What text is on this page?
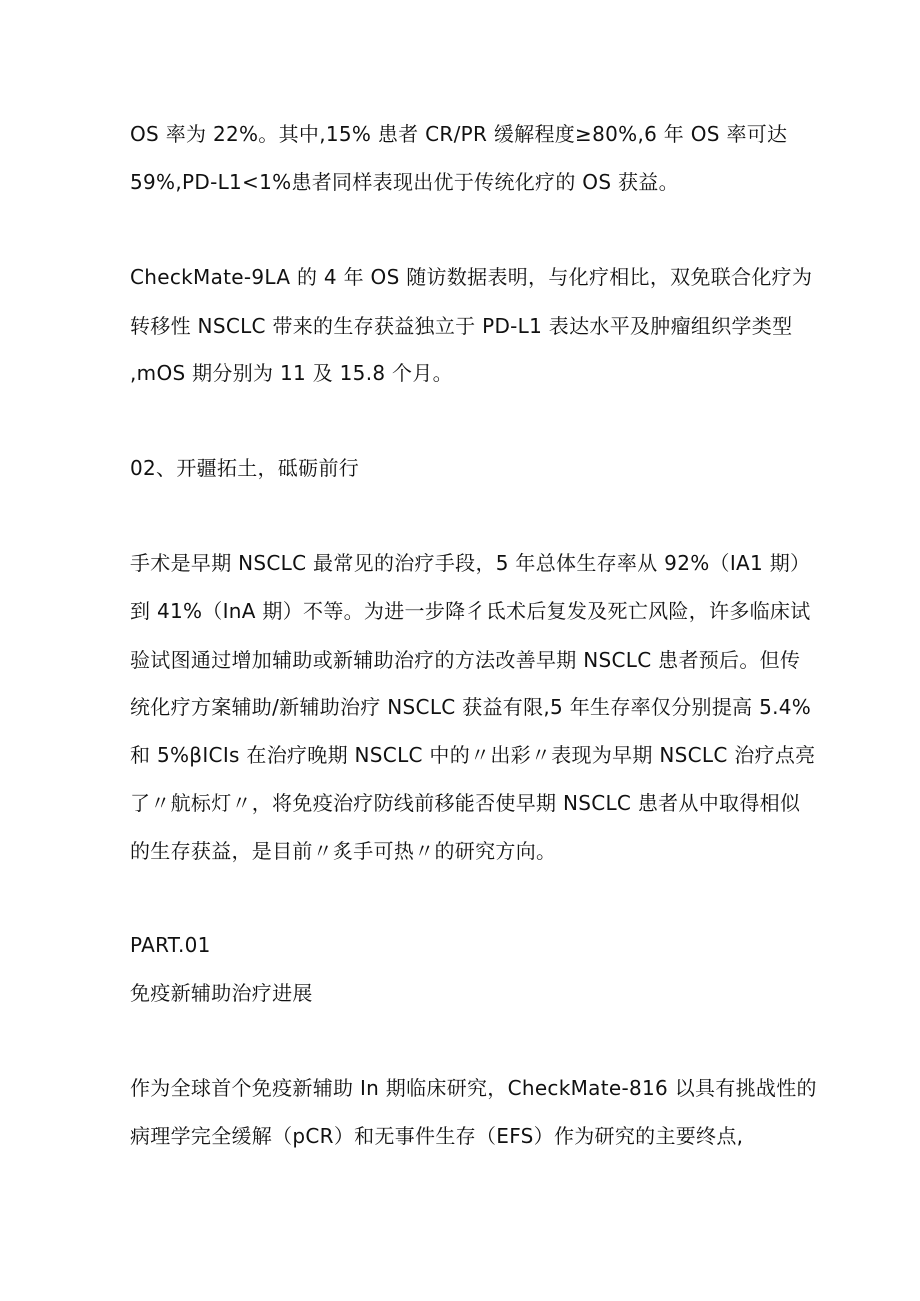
OS 率为 22%。其中,15% 患者 CR/PR 缓解程度≥80%,6 年 OS 率可达
59%,PD-L1<1%患者同样表现出优于传统化疗的 OS 获益。
CheckMate-9LA 的 4 年 OS 随访数据表明，与化疗相比，双免联合化疗为
转移性 NSCLC 带来的生存获益独立于 PD-L1 表达水平及肿瘤组织学类型
,mOS 期分别为 11 及 15.8 个月。
02、开疆拓土，砥砺前行
手术是早期 NSCLC 最常见的治疗手段，5 年总体生存率从 92%（IA1 期）
到 41%（InA 期）不等。为进一步降彳氐术后复发及死亡风险，许多临床试
验试图通过增加辅助或新辅助治疗的方法改善早期 NSCLC 患者预后。但传
统化疗方案辅助/新辅助治疗 NSCLC 获益有限,5 年生存率仅分别提高 5.4%
和 5%βICIs 在治疗晚期 NSCLC 中的〃出彩〃表现为早期 NSCLC 治疗点亮
了〃航标灯〃，将免疫治疗防线前移能否使早期 NSCLC 患者从中取得相似
的生存获益，是目前〃炙手可热〃的研究方向。
PART.01
免疫新辅助治疗进展
作为全球首个免疫新辅助 In 期临床研究，CheckMate-816 以具有挑战性的
病理学完全缓解（pCR）和无事件生存（EFS）作为研究的主要终点,
